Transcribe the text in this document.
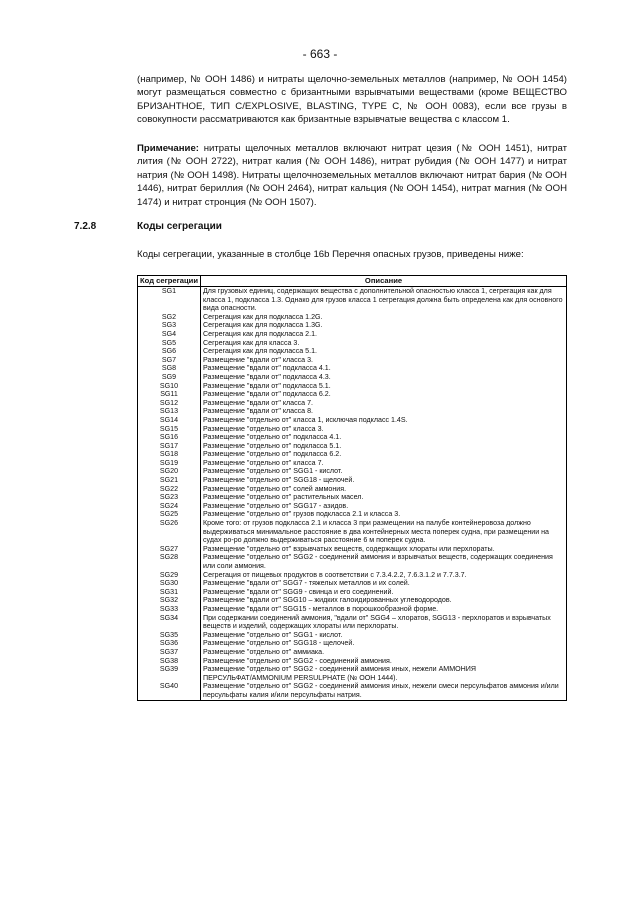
- 663 -
(например, № ООН 1486) и нитраты щелочно-земельных металлов (например, № ООН 1454) могут размещаться совместно с бризантными взрывчатыми веществами (кроме ВЕЩЕСТВО БРИЗАНТНОЕ, ТИП C/EXPLOSIVE, BLASTING, TYPE C, № ООН 0083), если все грузы в совокупности рассматриваются как бризантные взрывчатые вещества с классом 1.
Примечание: нитраты щелочных металлов включают нитрат цезия (№ ООН 1451), нитрат лития (№ ООН 2722), нитрат калия (№ ООН 1486), нитрат рубидия (№ ООН 1477) и нитрат натрия (№ ООН 1498). Нитраты щелочноземельных металлов включают нитрат бария (№ ООН 1446), нитрат бериллия (№ ООН 2464), нитрат кальция (№ ООН 1454), нитрат магния (№ ООН 1474) и нитрат стронция (№ ООН 1507).
7.2.8	Коды сегрегации
Коды сегрегации, указанные в столбце 16b Перечня опасных грузов, приведены ниже:
Код сегрегации	Описание
SG1	Для грузовых единиц, содержащих вещества с дополнительной опасностью класса 1, сегрегация как для класса 1, подкласса 1.3. Однако для грузов класса 1 сегрегация должна быть определена как для основного вида опасности.
SG2	Сегрегация как для подкласса 1.2G.
SG3	Сегрегация как для подкласса 1.3G.
SG4	Сегрегация как для подкласса 2.1.
SG5	Сегрегация как для класса 3.
SG6	Сегрегация как для подкласса 5.1.
SG7	Размещение "вдали от" класса 3.
SG8	Размещение "вдали от" подкласса 4.1.
SG9	Размещение "вдали от" подкласса 4.3.
SG10	Размещение "вдали от" подкласса 5.1.
SG11	Размещение "вдали от" подкласса 6.2.
SG12	Размещение "вдали от" класса 7.
SG13	Размещение "вдали от" класса 8.
SG14	Размещение "отдельно от" класса 1, исключая подкласс 1.4S.
SG15	Размещение "отдельно от" класса 3.
SG16	Размещение "отдельно от" подкласса 4.1.
SG17	Размещение "отдельно от" подкласса 5.1.
SG18	Размещение "отдельно от" подкласса 6.2.
SG19	Размещение "отдельно от" класса 7.
SG20	Размещение "отдельно от" SGG1 - кислот.
SG21	Размещение "отдельно от" SGG18 - щелочей.
SG22	Размещение "отдельно от" солей аммония.
SG23	Размещение "отдельно от" растительных масел.
SG24	Размещение "отдельно от" SGG17 - азидов.
SG25	Размещение "отдельно от" грузов подкласса 2.1 и класса 3.
SG26	Кроме того: от грузов подкласса 2.1 и класса 3 при размещении на палубе контейнеровоза должно выдерживаться минимальное расстояние в два контейнерных места поперек судна, при размещении на судах ро-ро должно выдерживаться расстояние 6 м поперек судна.
SG27	Размещение "отдельно от" взрывчатых веществ, содержащих хлораты или перхлораты.
SG28	Размещение "отдельно от" SGG2 - соединений аммония и взрывчатых веществ, содержащих соединения или соли аммония.
SG29	Сегрегация от пищевых продуктов в соответствии с 7.3.4.2.2, 7.6.3.1.2 и 7.7.3.7.
SG30	Размещение "вдали от" SGG7 - тяжелых металлов и их солей.
SG31	Размещение "вдали от" SGG9 - свинца и его соединений.
SG32	Размещение "вдали от" SGG10 – жидких галоидированных углеводородов.
SG33	Размещение "вдали от" SGG15 - металлов в порошкообразной форме.
SG34	При содержании соединений аммония, "вдали от" SGG4 – хлоратов, SGG13 - перхлоратов и взрывчатых веществ и изделий, содержащих хлораты или перхлораты.
SG35	Размещение "отдельно от" SGG1 - кислот.
SG36	Размещение "отдельно от" SGG18 - щелочей.
SG37	Размещение "отдельно от" аммиака.
SG38	Размещение "отдельно от" SGG2 - соединений аммония.
SG39	Размещение "отдельно от" SGG2 - соединений аммония иных, нежели АММОНИЯ ПЕРСУЛЬФАТ/AMMONIUM PERSULPHATE (№ ООН 1444).
SG40	Размещение "отдельно от" SGG2 - соединений аммония иных, нежели смеси персульфатов аммония и/или персульфаты калия и/или персульфаты натрия.
